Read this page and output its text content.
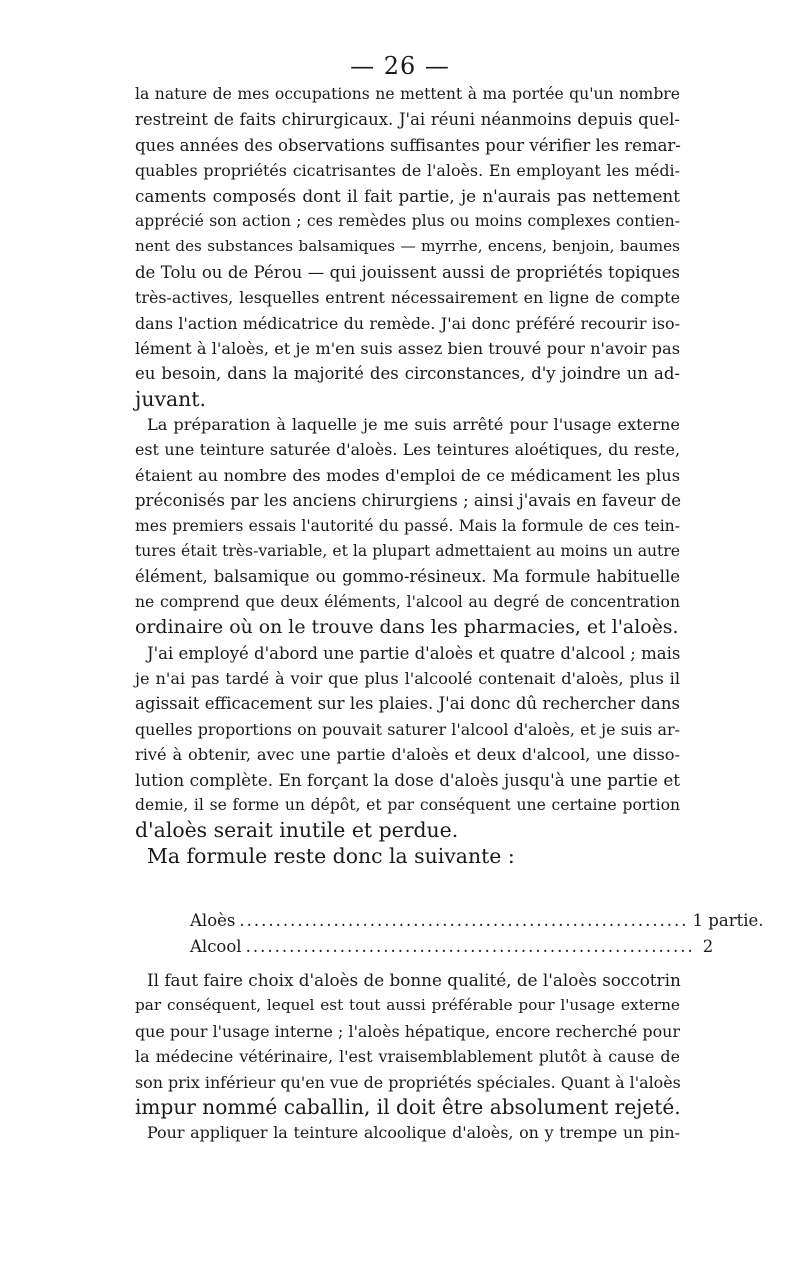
— 26 —
la nature de mes occupations ne mettent à ma portée qu'un nombre
restreint de faits chirurgicaux. J'ai réuni néanmoins depuis quel-
ques années des observations suffisantes pour vérifier les remar-
quables propriétés cicatrisantes de l'aloès. En employant les médi-
caments composés dont il fait partie, je n'aurais pas nettement
apprécié son action ; ces remèdes plus ou moins complexes contien-
nent des substances balsamiques — myrrhe, encens, benjoin, baumes
de Tolu ou de Pérou — qui jouissent aussi de propriétés topiques
très-actives, lesquelles entrent nécessairement en ligne de compte
dans l'action médicatrice du remède. J'ai donc préféré recourir iso-
lément à l'aloès, et je m'en suis assez bien trouvé pour n'avoir pas
eu besoin, dans la majorité des circonstances, d'y joindre un ad-
juvant.
La préparation à laquelle je me suis arrêté pour l'usage externe
est une teinture saturée d'aloès. Les teintures aloétiques, du reste,
étaient au nombre des modes d'emploi de ce médicament les plus
préconisés par les anciens chirurgiens ; ainsi j'avais en faveur de
mes premiers essais l'autorité du passé. Mais la formule de ces tein-
tures était très-variable, et la plupart admettaient au moins un autre
élément, balsamique ou gommo-résineux. Ma formule habituelle
ne comprend que deux éléments, l'alcool au degré de concentration
ordinaire où on le trouve dans les pharmacies, et l'aloès.
J'ai employé d'abord une partie d'aloès et quatre d'alcool ; mais
je n'ai pas tardé à voir que plus l'alcoolé contenait d'aloès, plus il
agissait efficacement sur les plaies. J'ai donc dû rechercher dans
quelles proportions on pouvait saturer l'alcool d'aloès, et je suis ar-
rivé à obtenir, avec une partie d'aloès et deux d'alcool, une disso-
lution complète. En forçant la dose d'aloès jusqu'à une partie et
demie, il se forme un dépôt, et par conséquent une certaine portion
d'aloès serait inutile et perdue.
Ma formule reste donc la suivante :
Aloès .............................................................. 1 partie.
Alcool .............................................................. 2
Il faut faire choix d'aloès de bonne qualité, de l'aloès soccotrin
par conséquent, lequel est tout aussi préférable pour l'usage externe
que pour l'usage interne ; l'aloès hépatique, encore recherché pour
la médecine vétérinaire, l'est vraisemblablement plutôt à cause de
son prix inférieur qu'en vue de propriétés spéciales. Quant à l'aloès
impur nommé caballin, il doit être absolument rejeté.
Pour appliquer la teinture alcoolique d'aloès, on y trempe un pin-
